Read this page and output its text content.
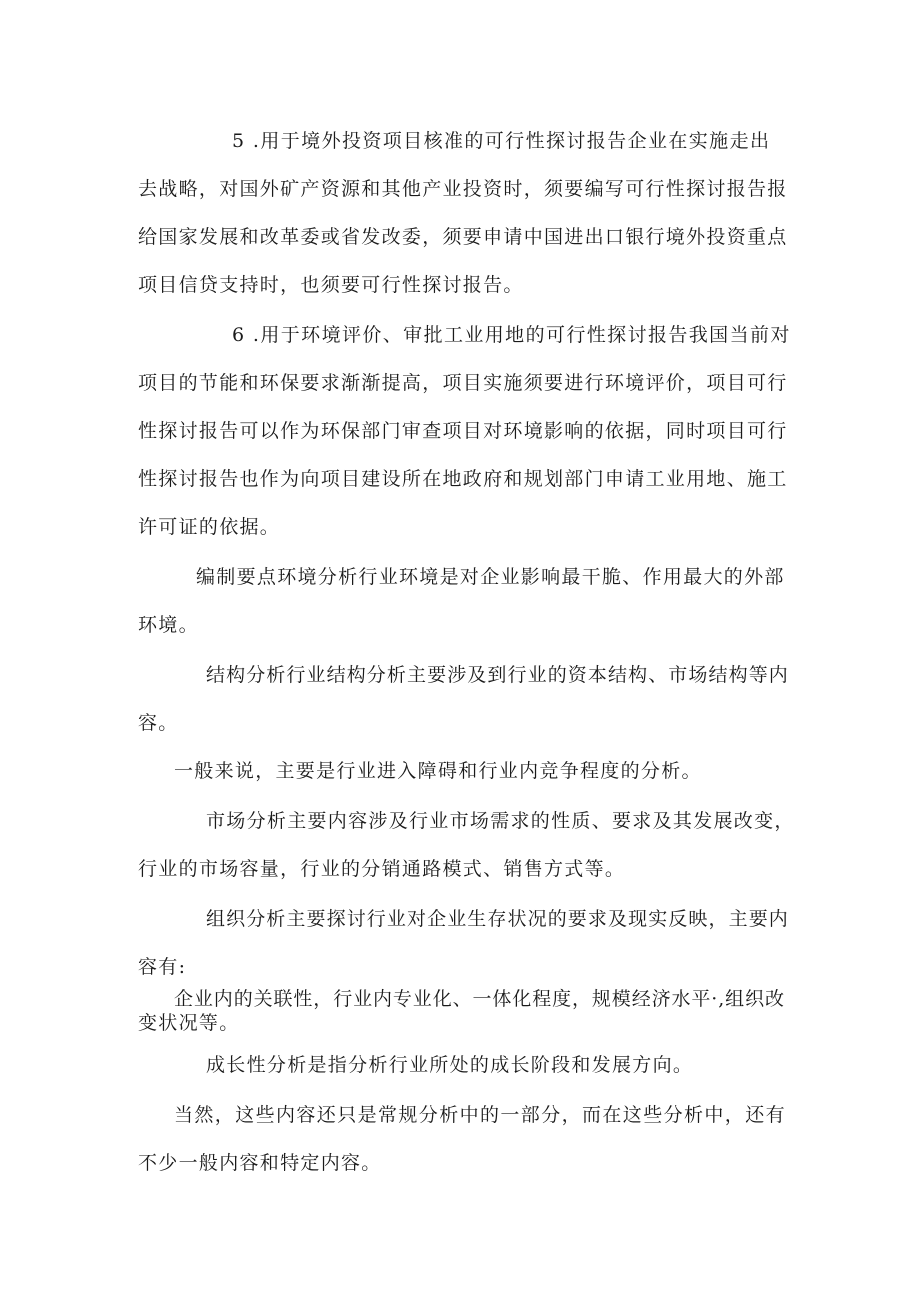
5 .用于境外投资项目核准的可行性探讨报告企业在实施走出
去战略，对国外矿产资源和其他产业投资时，须要编写可行性探讨报告报
给国家发展和改革委或省发改委，须要申请中国进出口银行境外投资重点
项目信贷支持时，也须要可行性探讨报告。
6 .用于环境评价、审批工业用地的可行性探讨报告我国当前对
项目的节能和环保要求渐渐提高，项目实施须要进行环境评价，项目可行
性探讨报告可以作为环保部门审查项目对环境影响的依据，同时项目可行
性探讨报告也作为向项目建设所在地政府和规划部门申请工业用地、施工
许可证的依据。
编制要点环境分析行业环境是对企业影响最干脆、作用最大的外部
环境。
结构分析行业结构分析主要涉及到行业的资本结构、市场结构等内
容。
一般来说，主要是行业进入障碍和行业内竞争程度的分析。
市场分析主要内容涉及行业市场需求的性质、要求及其发展改变，
行业的市场容量，行业的分销通路模式、销售方式等。
组织分析主要探讨行业对企业生存状况的要求及现实反映，主要内
容有:
企业内的关联性，行业内专业化、一体化程度，规模经济水平·,组织改
变状况等。
成长性分析是指分析行业所处的成长阶段和发展方向。
当然，这些内容还只是常规分析中的一部分，而在这些分析中，还有
不少一般内容和特定内容。
